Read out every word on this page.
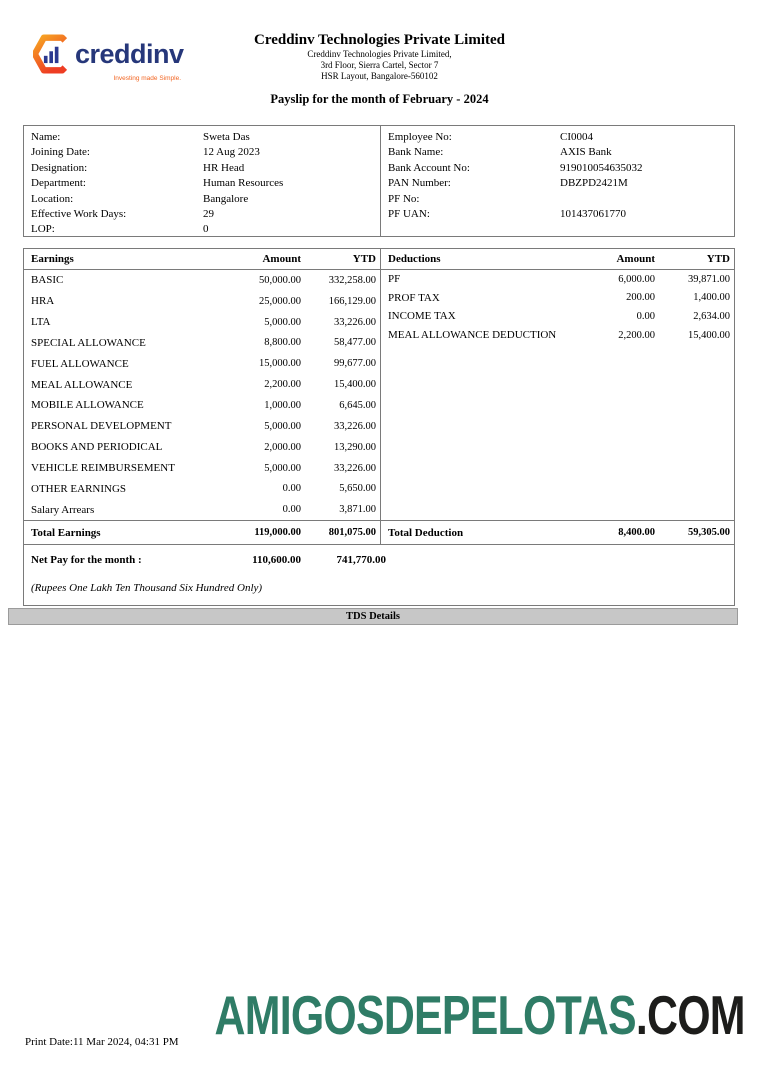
creddinv
Investing made Simple.
Creddinv Technologies Private Limited
Creddinv Technologies Private Limited,
3rd Floor, Sierra Cartel, Sector 7
HSR Layout, Bangalore-560102
Payslip for the month of February - 2024
Name:	Sweta Das
Joining Date:	12 Aug 2023
Designation:	HR Head
Department:	Human Resources
Location:	Bangalore
Effective Work Days:	29
LOP:	0
Employee No:	CI0004
Bank Name:	AXIS Bank
Bank Account No:	919010054635032
PAN Number:	DBZPD2421M
PF No:
PF UAN:	101437061770
Earnings	Amount	YTD
BASIC	50,000.00	332,258.00
HRA	25,000.00	166,129.00
LTA	5,000.00	33,226.00
SPECIAL ALLOWANCE	8,800.00	58,477.00
FUEL ALLOWANCE	15,000.00	99,677.00
MEAL ALLOWANCE	2,200.00	15,400.00
MOBILE ALLOWANCE	1,000.00	6,645.00
PERSONAL DEVELOPMENT	5,000.00	33,226.00
BOOKS AND PERIODICAL	2,000.00	13,290.00
VEHICLE REIMBURSEMENT	5,000.00	33,226.00
OTHER EARNINGS	0.00	5,650.00
Salary Arrears	0.00	3,871.00
Deductions	Amount	YTD
PF	6,000.00	39,871.00
PROF TAX	200.00	1,400.00
INCOME TAX	0.00	2,634.00
MEAL ALLOWANCE DEDUCTION	2,200.00	15,400.00
Total Earnings	119,000.00	801,075.00 Total Deduction	8,400.00	59,305.00
Net Pay for the month :	110,600.00	741,770.00
(Rupees One Lakh Ten Thousand Six Hundred Only)
TDS Details
AMIGOSDEPELOTAS.COM
Print Date:11 Mar 2024, 04:31 PM
